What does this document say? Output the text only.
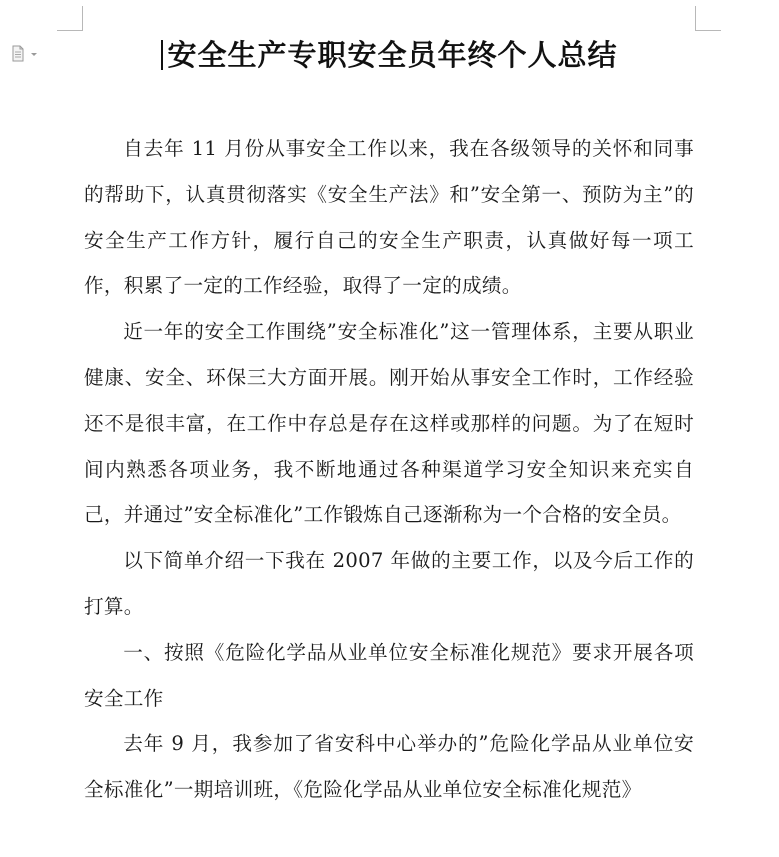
安全生产专职安全员年终个人总结

自去年 11 月份从事安全工作以来，我在各级领导的关怀和同事的帮助下，认真贯彻落实《安全生产法》和”安全第一、预防为主”的安全生产工作方针，履行自己的安全生产职责，认真做好每一项工作，积累了一定的工作经验，取得了一定的成绩。

近一年的安全工作围绕”安全标准化”这一管理体系，主要从职业健康、安全、环保三大方面开展。刚开始从事安全工作时，工作经验还不是很丰富，在工作中存总是存在这样或那样的问题。为了在短时间内熟悉各项业务，我不断地通过各种渠道学习安全知识来充实自己，并通过”安全标准化”工作锻炼自己逐渐称为一个合格的安全员。

以下简单介绍一下我在 2007 年做的主要工作，以及今后工作的打算。

一、按照《危险化学品从业单位安全标准化规范》要求开展各项安全工作

去年 9 月，我参加了省安科中心举办的”危险化学品从业单位安全标准化”一期培训班，《危险化学品从业单位安全标准化规范》
